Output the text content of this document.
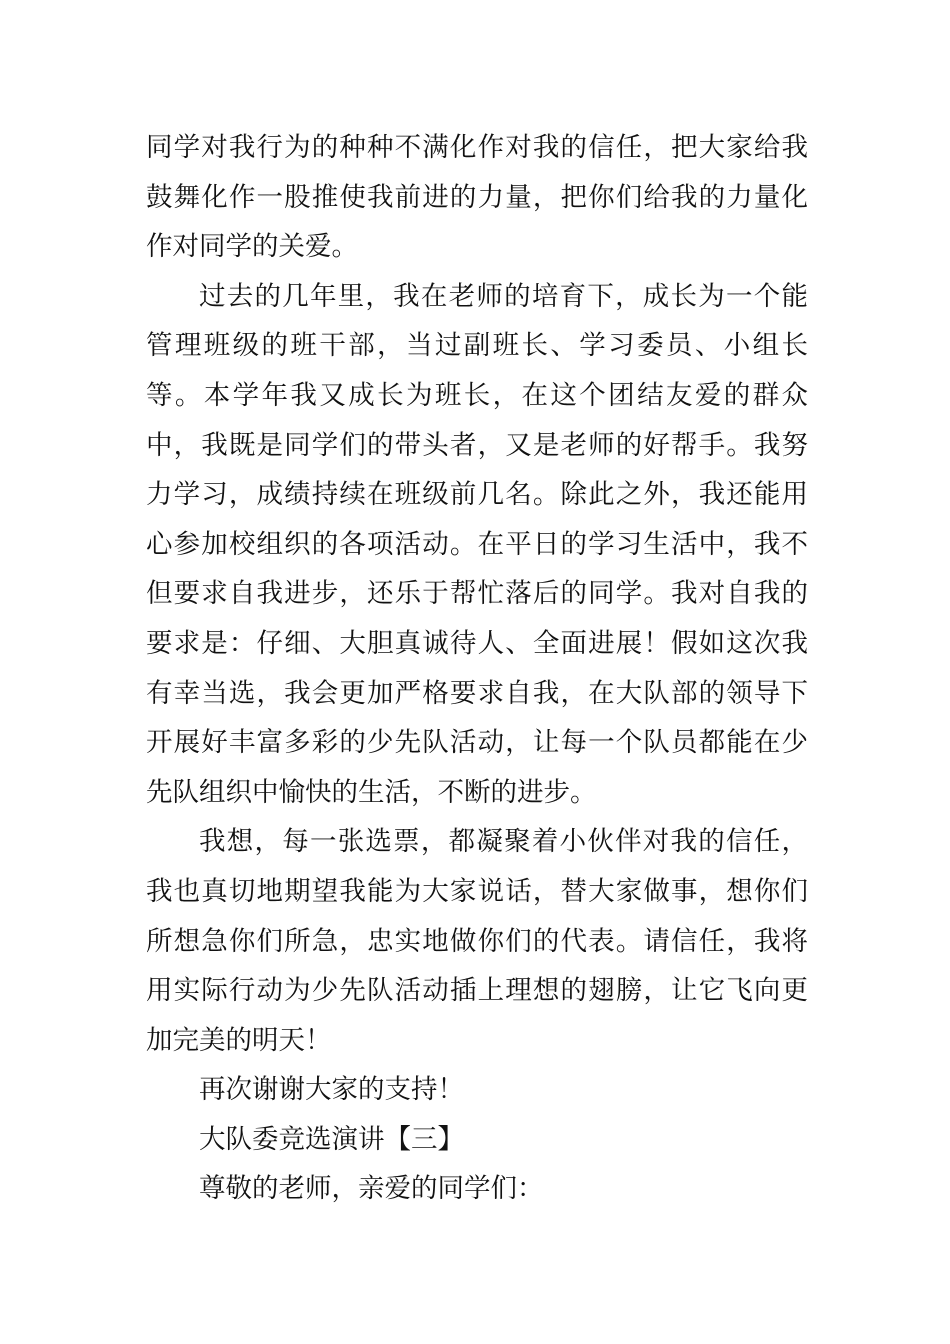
同学对我行为的种种不满化作对我的信任，把大家给我鼓舞化作一股推使我前进的力量，把你们给我的力量化作对同学的关爱。

过去的几年里，我在老师的培育下，成长为一个能管理班级的班干部，当过副班长、学习委员、小组长等。本学年我又成长为班长，在这个团结友爱的群众中，我既是同学们的带头者，又是老师的好帮手。我努力学习，成绩持续在班级前几名。除此之外，我还能用心参加校组织的各项活动。在平日的学习生活中，我不但要求自我进步，还乐于帮忙落后的同学。我对自我的要求是：仔细、大胆真诚待人、全面进展！假如这次我有幸当选，我会更加严格要求自我，在大队部的领导下开展好丰富多彩的少先队活动，让每一个队员都能在少先队组织中愉快的生活，不断的进步。

我想，每一张选票，都凝聚着小伙伴对我的信任，我也真切地期望我能为大家说话，替大家做事，想你们所想急你们所急，忠实地做你们的代表。请信任，我将用实际行动为少先队活动插上理想的翅膀，让它飞向更加完美的明天！

再次谢谢大家的支持！

大队委竞选演讲【三】

尊敬的老师，亲爱的同学们：
